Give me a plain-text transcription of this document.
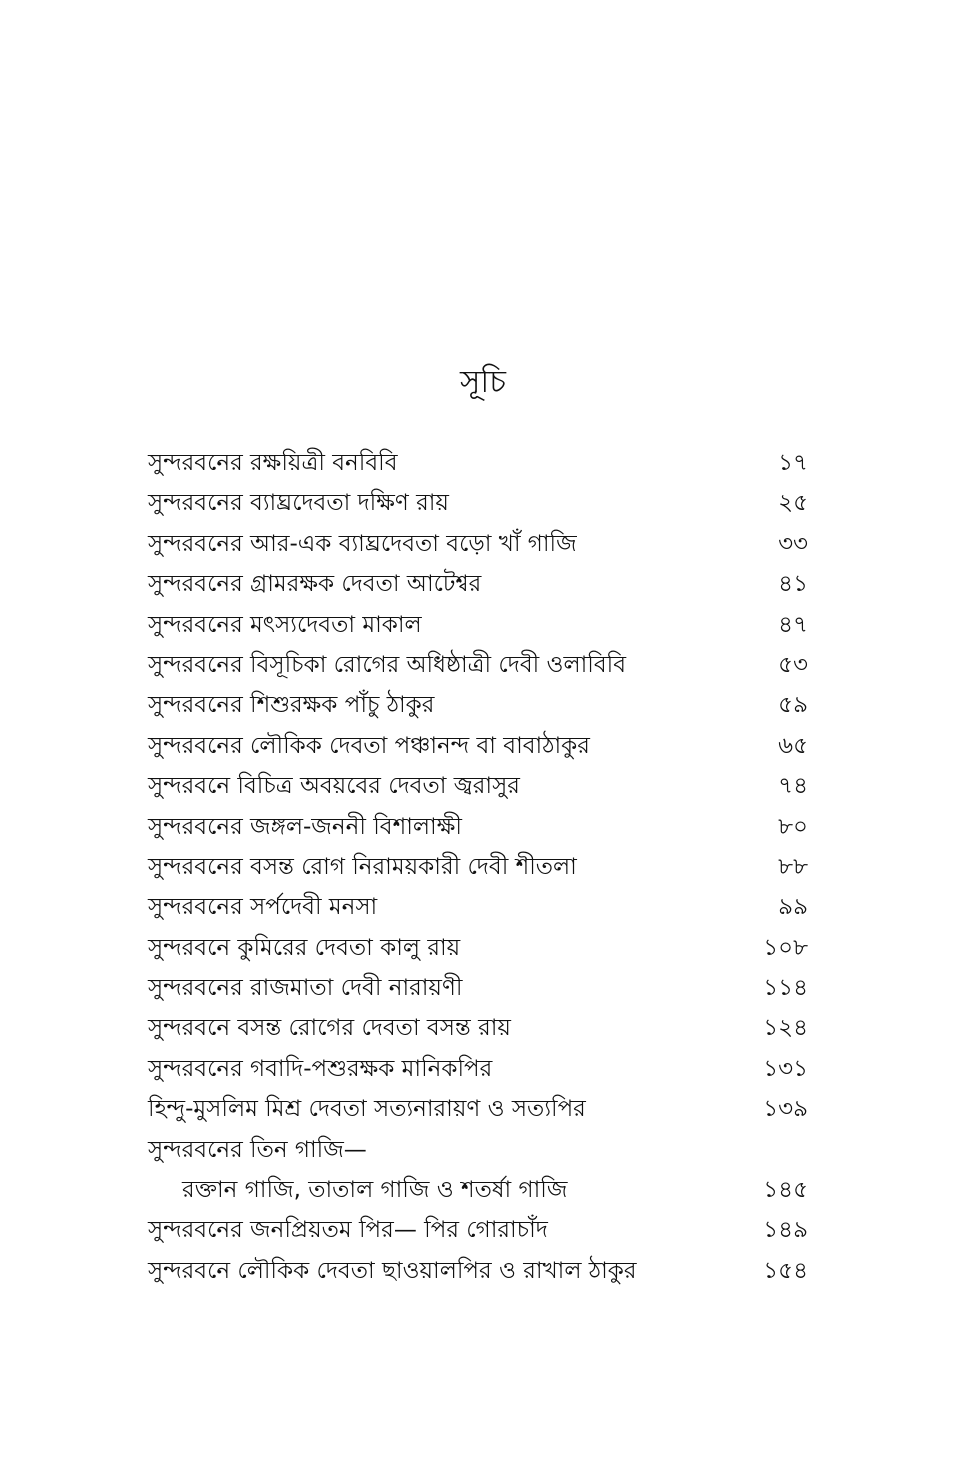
সূচি
সুন্দরবনের রক্ষয়িত্রী বনবিবি	১৭
সুন্দরবনের ব্যাঘ্রদেবতা দক্ষিণ রায়	২৫
সুন্দরবনের আর-এক ব্যাঘ্রদেবতা বড়ো খাঁ গাজি	৩৩
সুন্দরবনের গ্রামরক্ষক দেবতা আটেশ্বর	৪১
সুন্দরবনের মৎস্যদেবতা মাকাল	৪৭
সুন্দরবনের বিসূচিকা রোগের অধিষ্ঠাত্রী দেবী ওলাবিবি	৫৩
সুন্দরবনের শিশুরক্ষক পাঁচু ঠাকুর	৫৯
সুন্দরবনের লৌকিক দেবতা পঞ্চানন্দ বা বাবাঠাকুর	৬৫
সুন্দরবনে বিচিত্র অবয়বের দেবতা জ্বরাসুর	৭৪
সুন্দরবনের জঙ্গল-জননী বিশালাক্ষী	৮০
সুন্দরবনের বসন্ত রোগ নিরাময়কারী দেবী শীতলা	৮৮
সুন্দরবনের সর্পদেবী মনসা	৯৯
সুন্দরবনে কুমিরের দেবতা কালু রায়	১০৮
সুন্দরবনের রাজমাতা দেবী নারায়ণী	১১৪
সুন্দরবনে বসন্ত রোগের দেবতা বসন্ত রায়	১২৪
সুন্দরবনের গবাদি-পশুরক্ষক মানিকপির	১৩১
হিন্দু-মুসলিম মিশ্র দেবতা সত্যনারায়ণ ও সত্যপির	১৩৯
সুন্দরবনের তিন গাজি—
রক্তান গাজি, তাতাল গাজি ও শতর্ষা গাজি	১৪৫
সুন্দরবনের জনপ্রিয়তম পির— পির গোরাচাঁদ	১৪৯
সুন্দরবনে লৌকিক দেবতা ছাওয়ালপির ও রাখাল ঠাকুর	১৫৪
